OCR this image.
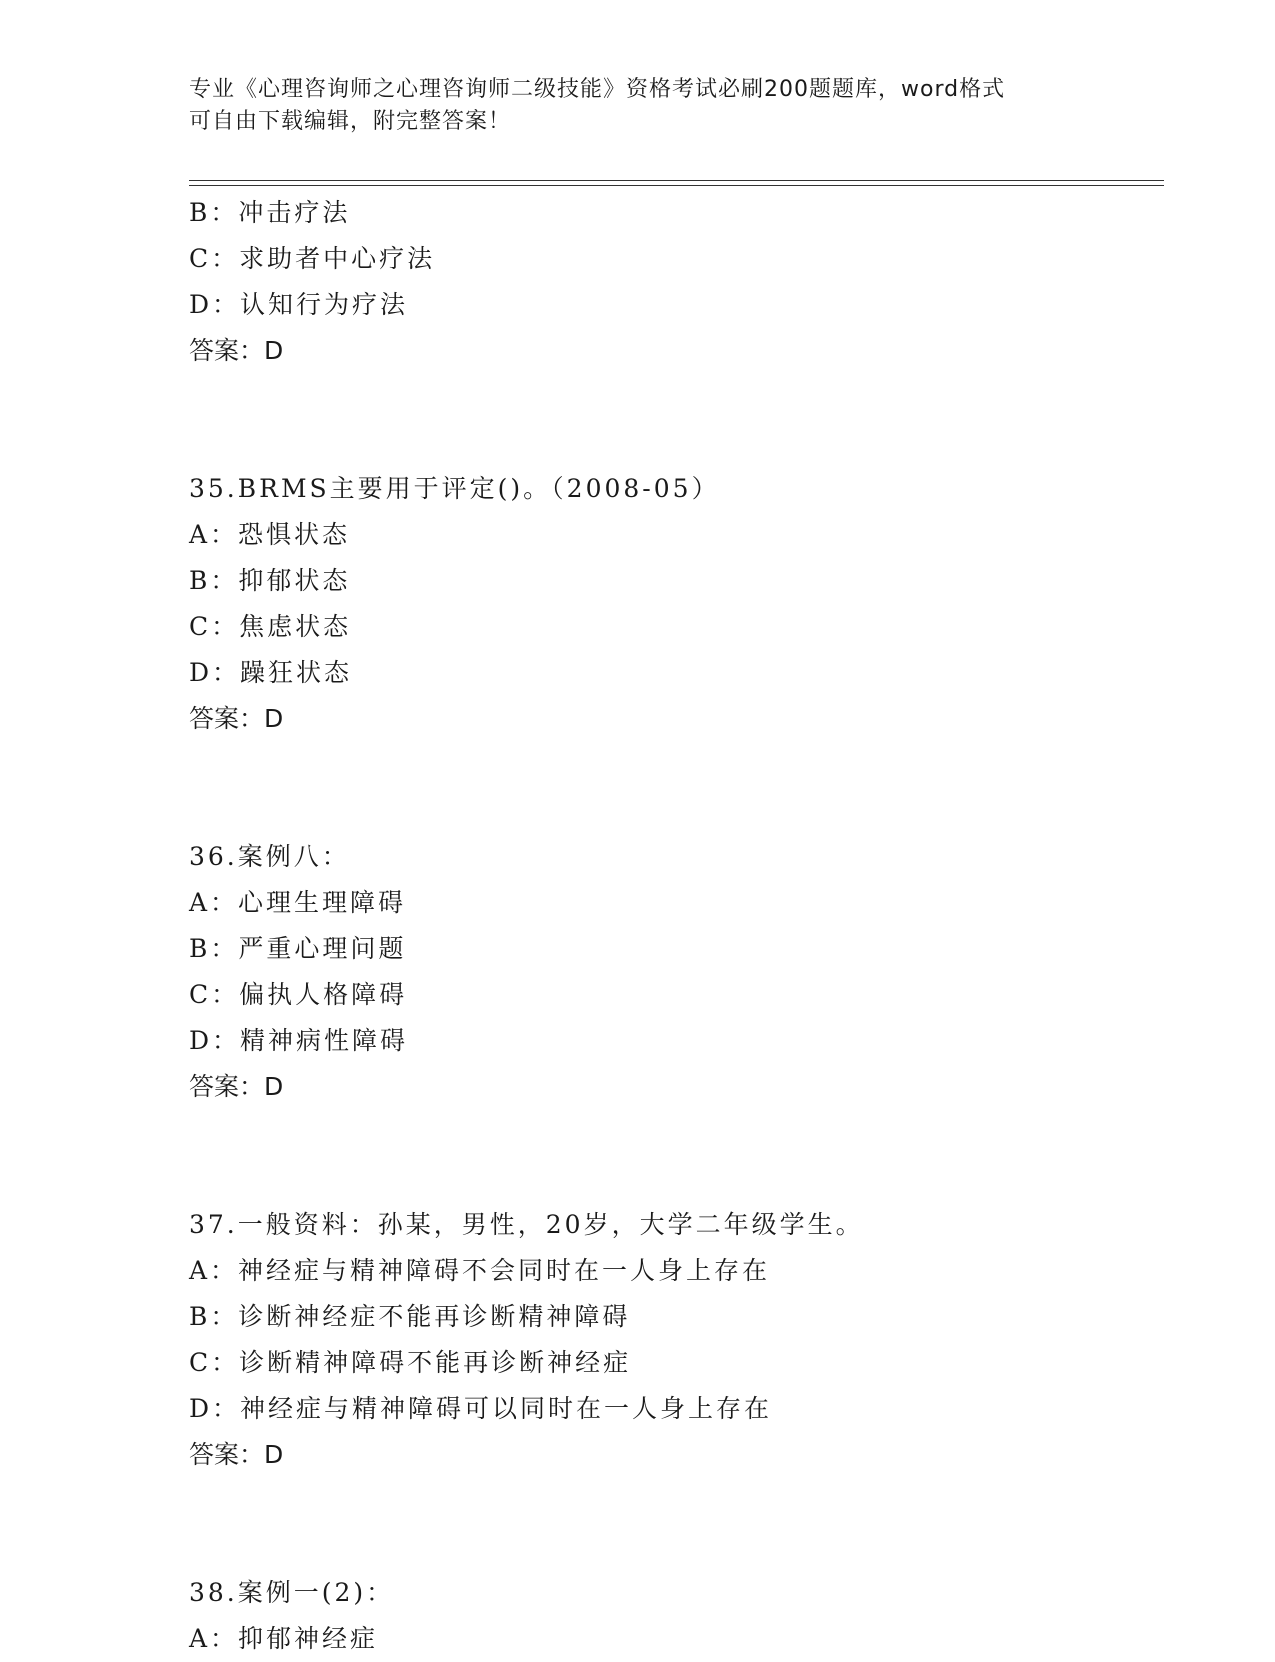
专业《心理咨询师之心理咨询师二级技能》资格考试必刷200题题库，word格式
可自由下载编辑，附完整答案！
B：冲击疗法
C：求助者中心疗法
D：认知行为疗法
答案：D
35.BRMS主要用于评定()。（2008-05）
A：恐惧状态
B：抑郁状态
C：焦虑状态
D：躁狂状态
答案：D
36.案例八：
A：心理生理障碍
B：严重心理问题
C：偏执人格障碍
D：精神病性障碍
答案：D
37.一般资料：孙某，男性，20岁，大学二年级学生。
A：神经症与精神障碍不会同时在一人身上存在
B：诊断神经症不能再诊断精神障碍
C：诊断精神障碍不能再诊断神经症
D：神经症与精神障碍可以同时在一人身上存在
答案：D
38.案例一(2)：
A：抑郁神经症
